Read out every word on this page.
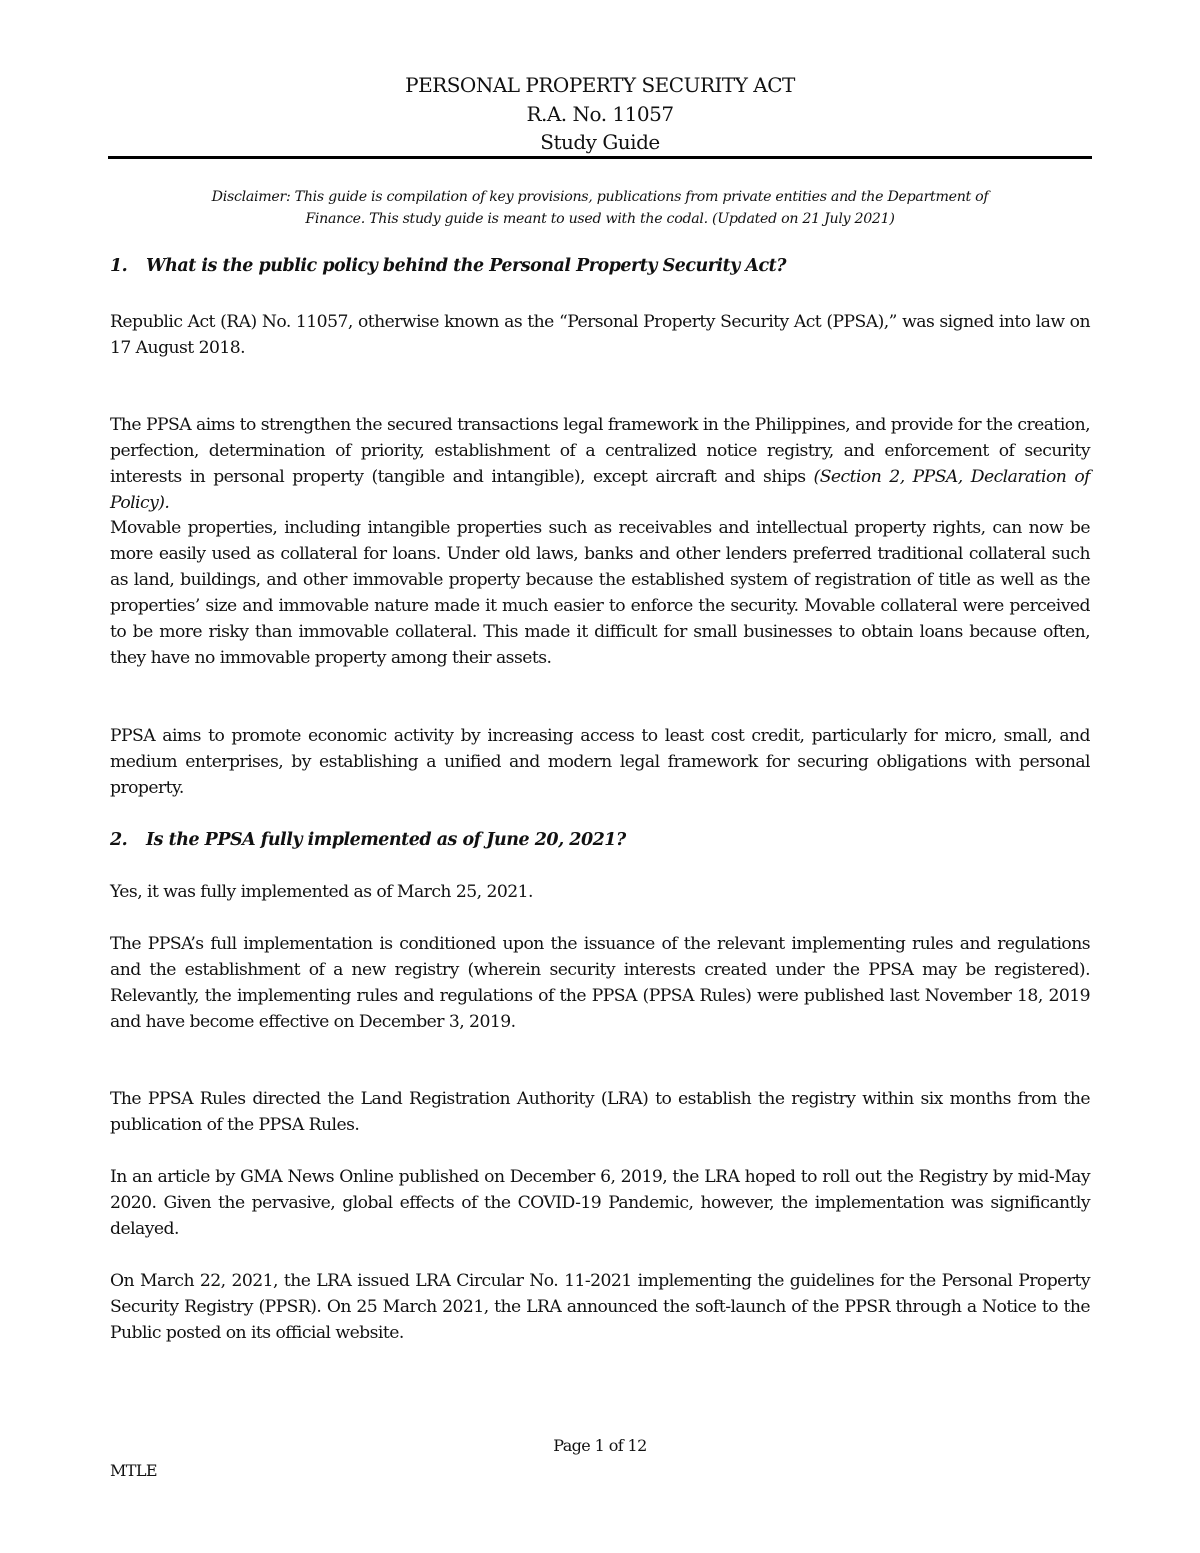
PERSONAL PROPERTY SECURITY ACT
R.A. No. 11057
Study Guide
Disclaimer: This guide is compilation of key provisions, publications from private entities and the Department of
Finance. This study guide is meant to used with the codal. (Updated on 21 July 2021)
1. What is the public policy behind the Personal Property Security Act?
Republic Act (RA) No. 11057, otherwise known as the “Personal Property Security Act (PPSA),” was signed into law on 17 August 2018.
The PPSA aims to strengthen the secured transactions legal framework in the Philippines, and provide for the creation, perfection, determination of priority, establishment of a centralized notice registry, and enforcement of security interests in personal property (tangible and intangible), except aircraft and ships (Section 2, PPSA, Declaration of Policy).
Movable properties, including intangible properties such as receivables and intellectual property rights, can now be more easily used as collateral for loans. Under old laws, banks and other lenders preferred traditional collateral such as land, buildings, and other immovable property because the established system of registration of title as well as the properties’ size and immovable nature made it much easier to enforce the security. Movable collateral were perceived to be more risky than immovable collateral. This made it difficult for small businesses to obtain loans because often, they have no immovable property among their assets.
PPSA aims to promote economic activity by increasing access to least cost credit, particularly for micro, small, and medium enterprises, by establishing a unified and modern legal framework for securing obligations with personal property.
2. Is the PPSA fully implemented as of June 20, 2021?
Yes, it was fully implemented as of March 25, 2021.
The PPSA’s full implementation is conditioned upon the issuance of the relevant implementing rules and regulations and the establishment of a new registry (wherein security interests created under the PPSA may be registered). Relevantly, the implementing rules and regulations of the PPSA (PPSA Rules) were published last November 18, 2019 and have become effective on December 3, 2019.
The PPSA Rules directed the Land Registration Authority (LRA) to establish the registry within six months from the publication of the PPSA Rules.
In an article by GMA News Online published on December 6, 2019, the LRA hoped to roll out the Registry by mid-May 2020. Given the pervasive, global effects of the COVID-19 Pandemic, however, the implementation was significantly delayed.
On March 22, 2021, the LRA issued LRA Circular No. 11-2021 implementing the guidelines for the Personal Property Security Registry (PPSR). On 25 March 2021, the LRA announced the soft-launch of the PPSR through a Notice to the Public posted on its official website.
Page 1 of 12
MTLE
